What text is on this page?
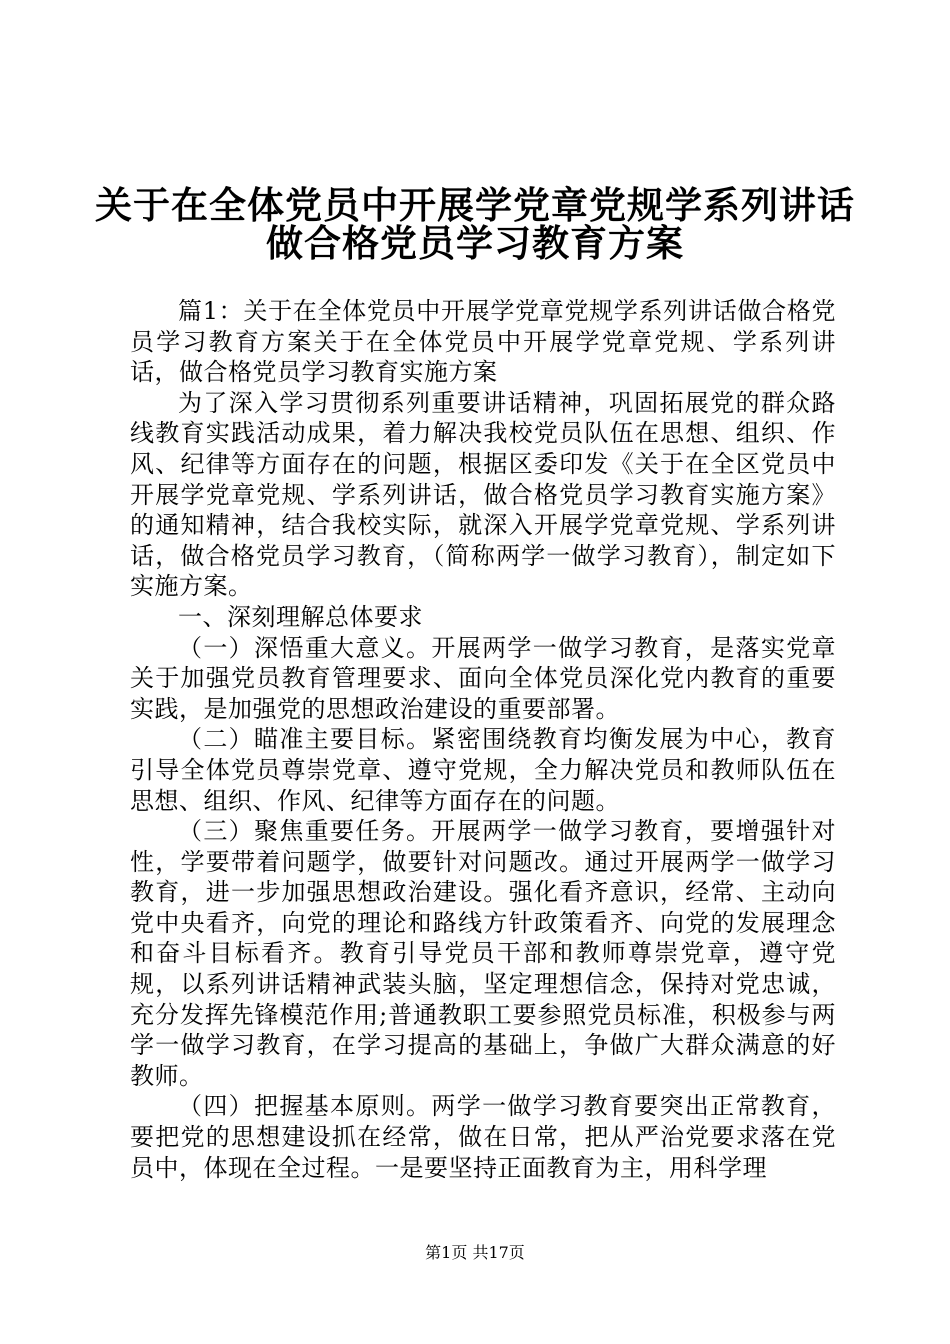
关于在全体党员中开展学党章党规学系列讲话
做合格党员学习教育方案

篇1：关于在全体党员中开展学党章党规学系列讲话做合格党员学习教育方案关于在全体党员中开展学党章党规、学系列讲话，做合格党员学习教育实施方案

为了深入学习贯彻系列重要讲话精神，巩固拓展党的群众路线教育实践活动成果，着力解决我校党员队伍在思想、组织、作风、纪律等方面存在的问题，根据区委印发《关于在全区党员中开展学党章党规、学系列讲话，做合格党员学习教育实施方案》的通知精神，结合我校实际，就深入开展学党章党规、学系列讲话，做合格党员学习教育，（简称两学一做学习教育），制定如下实施方案。

一、深刻理解总体要求

（一）深悟重大意义。开展两学一做学习教育，是落实党章关于加强党员教育管理要求、面向全体党员深化党内教育的重要实践，是加强党的思想政治建设的重要部署。

（二）瞄准主要目标。紧密围绕教育均衡发展为中心，教育引导全体党员尊崇党章、遵守党规，全力解决党员和教师队伍在思想、组织、作风、纪律等方面存在的问题。

（三）聚焦重要任务。开展两学一做学习教育，要增强针对性，学要带着问题学，做要针对问题改。通过开展两学一做学习教育，进一步加强思想政治建设。强化看齐意识，经常、主动向党中央看齐，向党的理论和路线方针政策看齐、向党的发展理念和奋斗目标看齐。教育引导党员干部和教师尊崇党章，遵守党规，以系列讲话精神武装头脑，坚定理想信念，保持对党忠诚，充分发挥先锋模范作用;普通教职工要参照党员标准，积极参与两学一做学习教育，在学习提高的基础上，争做广大群众满意的好教师。

（四）把握基本原则。两学一做学习教育要突出正常教育，要把党的思想建设抓在经常，做在日常，把从严治党要求落在党员中，体现在全过程。一是要坚持正面教育为主，用科学理

第1页 共17页
